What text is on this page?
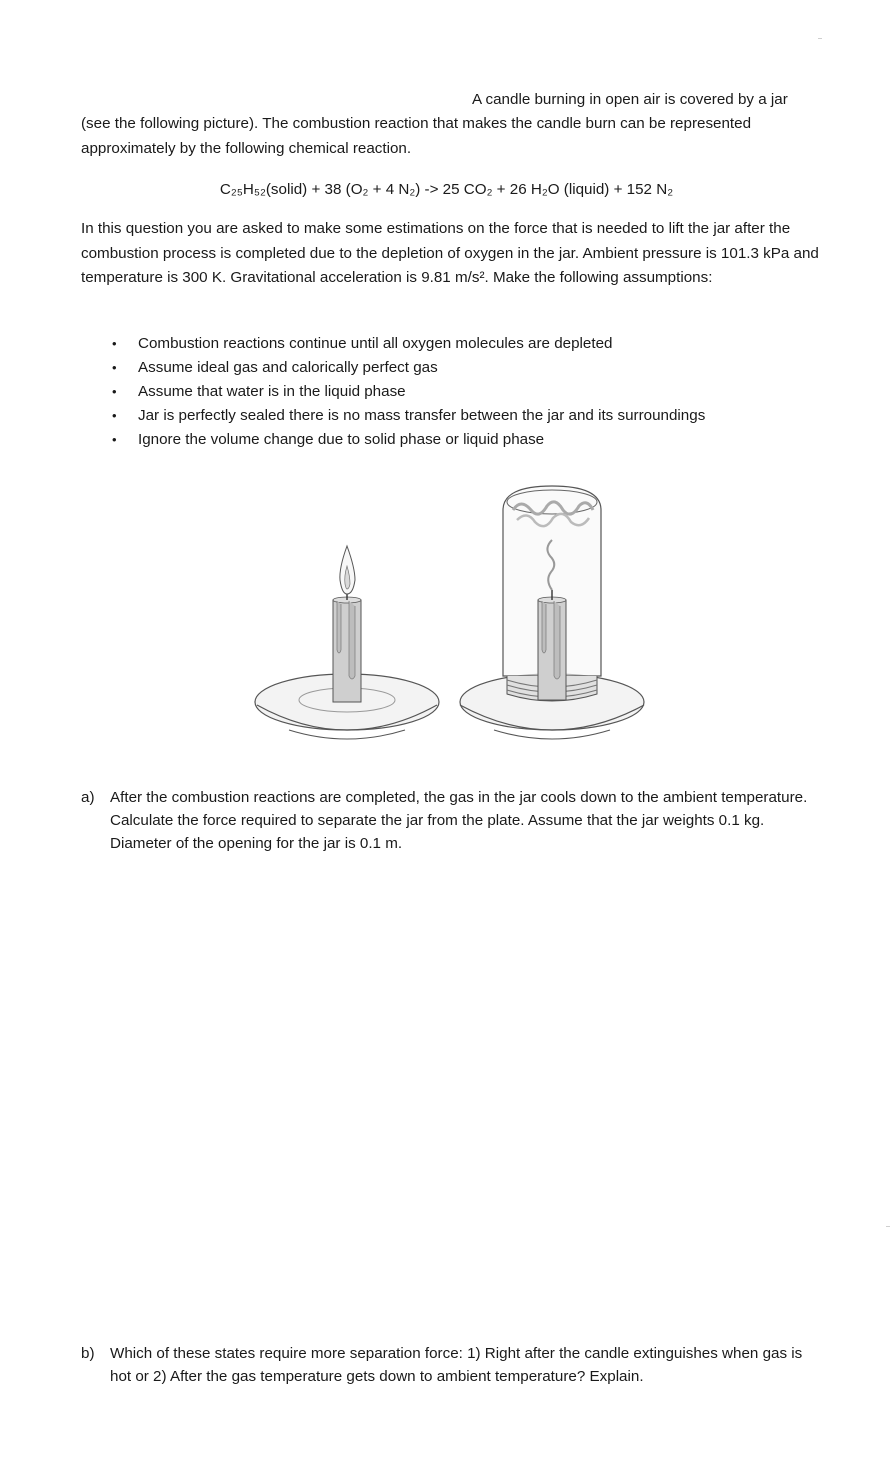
A candle burning in open air is covered by a jar
(see the following picture). The combustion reaction that makes the candle burn can be represented approximately by the following chemical reaction.
C₂₅H₅₂(solid) + 38 (O₂ + 4 N₂) -> 25 CO₂ + 26 H₂O (liquid) + 152 N₂
In this question you are asked to make some estimations on the force that is needed to lift the jar after the combustion process is completed due to the depletion of oxygen in the jar. Ambient pressure is 101.3 kPa and temperature is 300 K. Gravitational acceleration is 9.81 m/s². Make the following assumptions:
• Combustion reactions continue until all oxygen molecules are depleted
• Assume ideal gas and calorically perfect gas
• Assume that water is in the liquid phase
• Jar is perfectly sealed there is no mass transfer between the jar and its surroundings
• Ignore the volume change due to solid phase or liquid phase
a) After the combustion reactions are completed, the gas in the jar cools down to the ambient temperature. Calculate the force required to separate the jar from the plate. Assume that the jar weights 0.1 kg. Diameter of the opening for the jar is 0.1 m.
b) Which of these states require more separation force: 1) Right after the candle extinguishes when gas is hot or 2) After the gas temperature gets down to ambient temperature? Explain.
